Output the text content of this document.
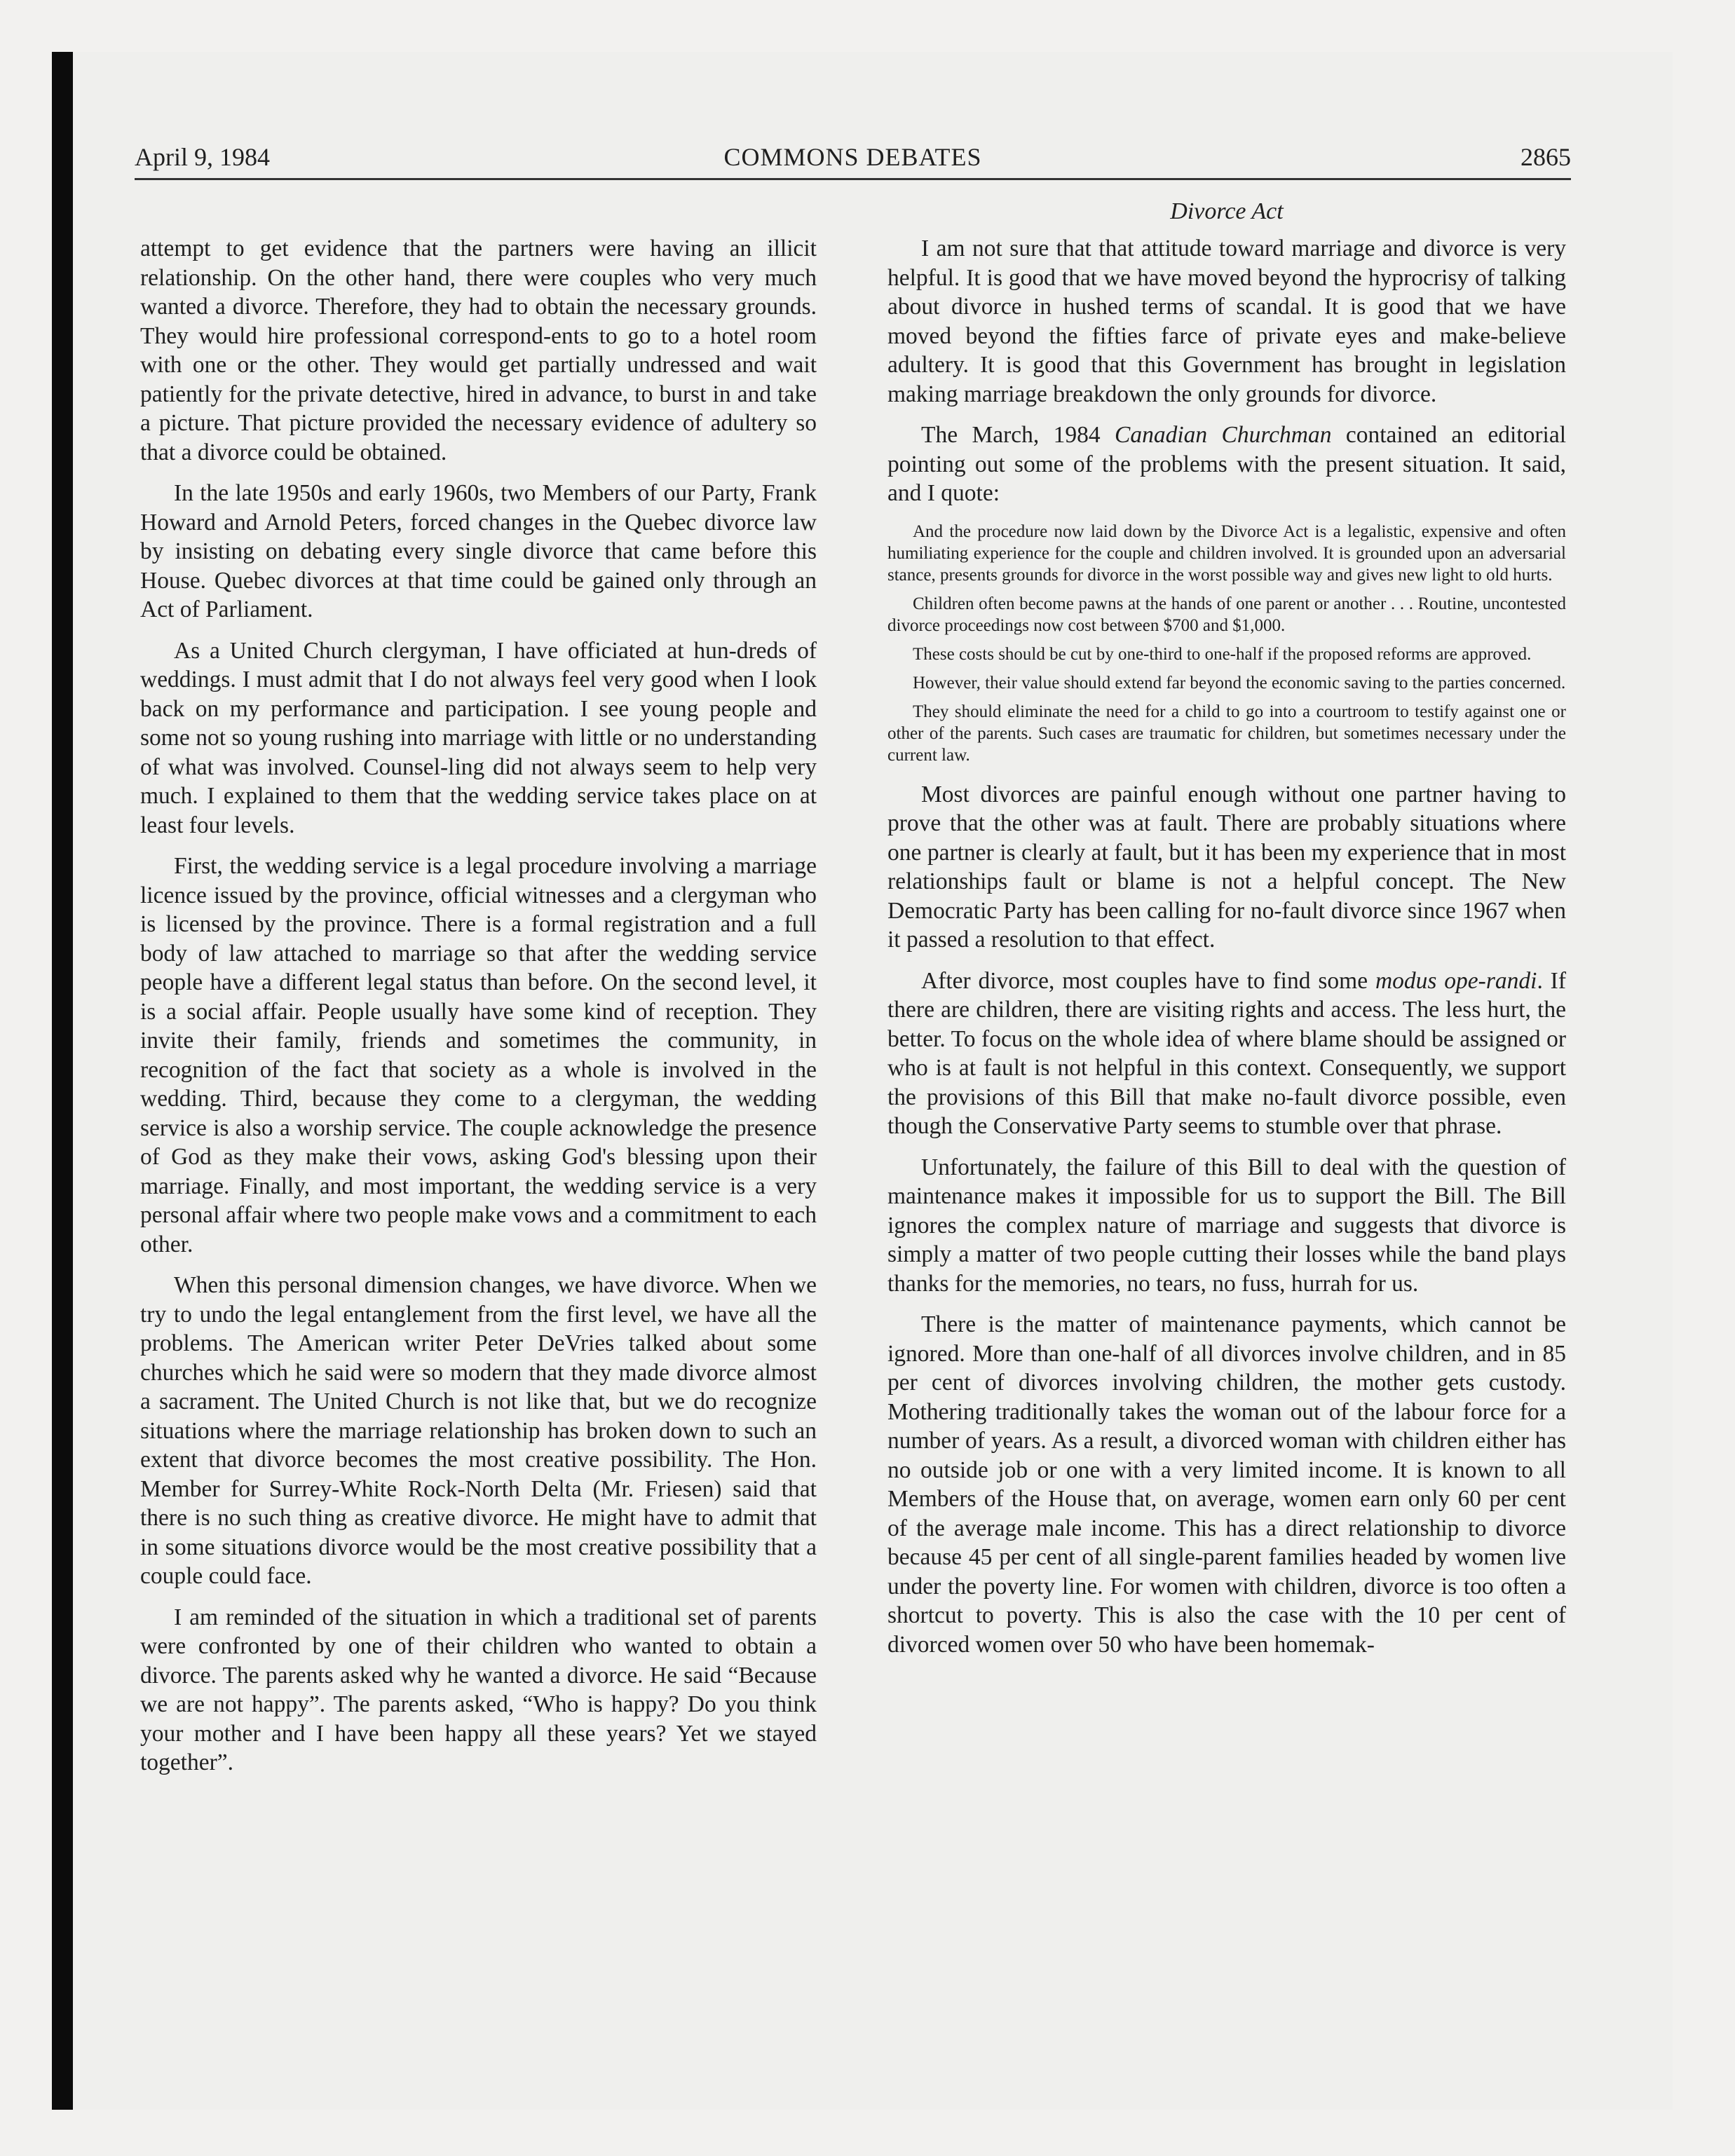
April 9, 1984	COMMONS DEBATES	2865

attempt to get evidence that the partners were having an illicit relationship. On the other hand, there were couples who very much wanted a divorce. Therefore, they had to obtain the necessary grounds. They would hire professional correspond-ents to go to a hotel room with one or the other. They would get partially undressed and wait patiently for the private detective, hired in advance, to burst in and take a picture. That picture provided the necessary evidence of adultery so that a divorce could be obtained.

In the late 1950s and early 1960s, two Members of our Party, Frank Howard and Arnold Peters, forced changes in the Quebec divorce law by insisting on debating every single divorce that came before this House. Quebec divorces at that time could be gained only through an Act of Parliament.

As a United Church clergyman, I have officiated at hun-dreds of weddings. I must admit that I do not always feel very good when I look back on my performance and participation. I see young people and some not so young rushing into marriage with little or no understanding of what was involved. Counsel-ling did not always seem to help very much. I explained to them that the wedding service takes place on at least four levels.

First, the wedding service is a legal procedure involving a marriage licence issued by the province, official witnesses and a clergyman who is licensed by the province. There is a formal registration and a full body of law attached to marriage so that after the wedding service people have a different legal status than before. On the second level, it is a social affair. People usually have some kind of reception. They invite their family, friends and sometimes the community, in recognition of the fact that society as a whole is involved in the wedding. Third, because they come to a clergyman, the wedding service is also a worship service. The couple acknowledge the presence of God as they make their vows, asking God's blessing upon their marriage. Finally, and most important, the wedding service is a very personal affair where two people make vows and a commitment to each other.

When this personal dimension changes, we have divorce. When we try to undo the legal entanglement from the first level, we have all the problems. The American writer Peter DeVries talked about some churches which he said were so modern that they made divorce almost a sacrament. The United Church is not like that, but we do recognize situations where the marriage relationship has broken down to such an extent that divorce becomes the most creative possibility. The Hon. Member for Surrey-White Rock-North Delta (Mr. Friesen) said that there is no such thing as creative divorce. He might have to admit that in some situations divorce would be the most creative possibility that a couple could face.

I am reminded of the situation in which a traditional set of parents were confronted by one of their children who wanted to obtain a divorce. The parents asked why he wanted a divorce. He said “Because we are not happy”. The parents asked, “Who is happy? Do you think your mother and I have been happy all these years? Yet we stayed together”.

Divorce Act

I am not sure that that attitude toward marriage and divorce is very helpful. It is good that we have moved beyond the hyprocrisy of talking about divorce in hushed terms of scandal. It is good that we have moved beyond the fifties farce of private eyes and make-believe adultery. It is good that this Government has brought in legislation making marriage breakdown the only grounds for divorce.

The March, 1984 Canadian Churchman contained an editorial pointing out some of the problems with the present situation. It said, and I quote:

And the procedure now laid down by the Divorce Act is a legalistic, expensive and often humiliating experience for the couple and children involved. It is grounded upon an adversarial stance, presents grounds for divorce in the worst possible way and gives new light to old hurts.

Children often become pawns at the hands of one parent or another . . . Routine, uncontested divorce proceedings now cost between $700 and $1,000.

These costs should be cut by one-third to one-half if the proposed reforms are approved.

However, their value should extend far beyond the economic saving to the parties concerned.

They should eliminate the need for a child to go into a courtroom to testify against one or other of the parents. Such cases are traumatic for children, but sometimes necessary under the current law.

Most divorces are painful enough without one partner having to prove that the other was at fault. There are probably situations where one partner is clearly at fault, but it has been my experience that in most relationships fault or blame is not a helpful concept. The New Democratic Party has been calling for no-fault divorce since 1967 when it passed a resolution to that effect.

After divorce, most couples have to find some modus ope-randi. If there are children, there are visiting rights and access. The less hurt, the better. To focus on the whole idea of where blame should be assigned or who is at fault is not helpful in this context. Consequently, we support the provisions of this Bill that make no-fault divorce possible, even though the Conservative Party seems to stumble over that phrase.

Unfortunately, the failure of this Bill to deal with the question of maintenance makes it impossible for us to support the Bill. The Bill ignores the complex nature of marriage and suggests that divorce is simply a matter of two people cutting their losses while the band plays thanks for the memories, no tears, no fuss, hurrah for us.

There is the matter of maintenance payments, which cannot be ignored. More than one-half of all divorces involve children, and in 85 per cent of divorces involving children, the mother gets custody. Mothering traditionally takes the woman out of the labour force for a number of years. As a result, a divorced woman with children either has no outside job or one with a very limited income. It is known to all Members of the House that, on average, women earn only 60 per cent of the average male income. This has a direct relationship to divorce because 45 per cent of all single-parent families headed by women live under the poverty line. For women with children, divorce is too often a shortcut to poverty. This is also the case with the 10 per cent of divorced women over 50 who have been homemak-
